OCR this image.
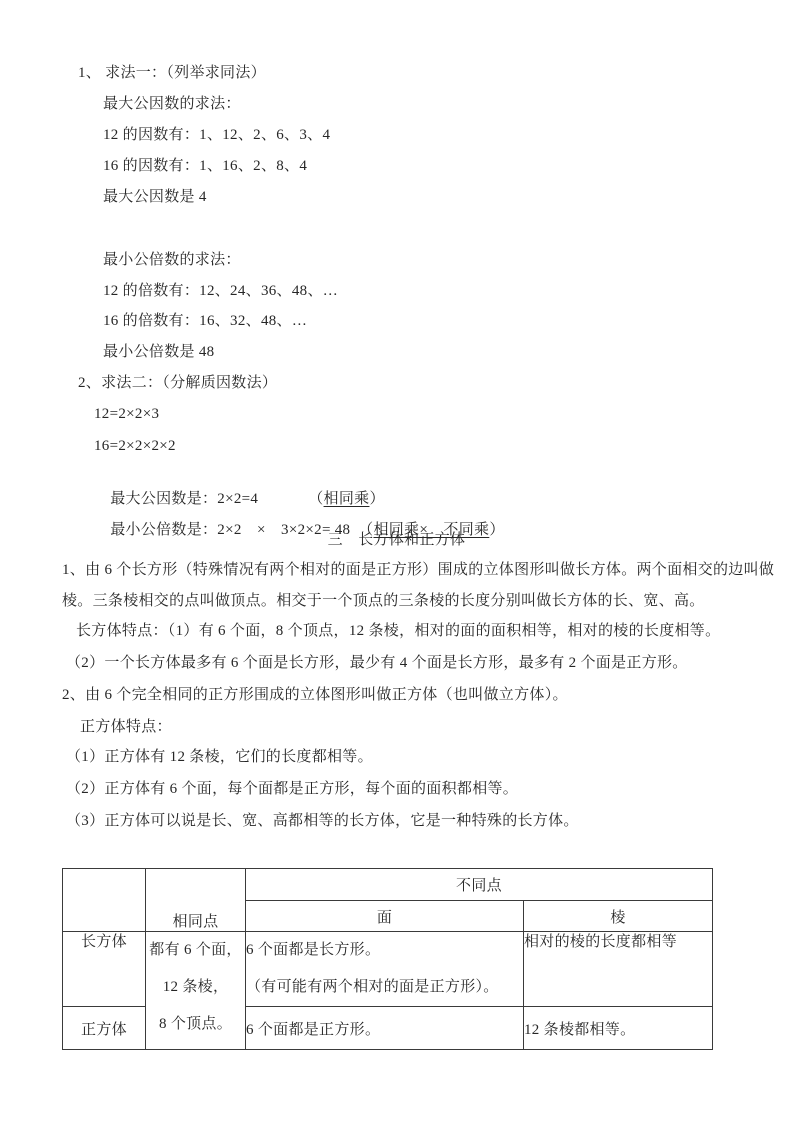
1、 求法一：（列举求同法）
最大公因数的求法：
12 的因数有：1、12、2、6、3、4
16 的因数有：1、16、2、8、4
最大公因数是 4
最小公倍数的求法：
12 的倍数有：12、24、36、48、…
16 的倍数有：16、32、48、…
最小公倍数是 48
2、求法二：（分解质因数法）
12=2×2×3
16=2×2×2×2

最大公因数是：2×2=4	（相同乘）

最小公倍数是：2×2　×　3×2×2= 48　（相同乘×　不同乘）

三　长方体和正方体
1、由 6 个长方形（特殊情况有两个相对的面是正方形）围成的立体图形叫做长方体。两个面相交的边叫做
棱。三条棱相交的点叫做顶点。相交于一个顶点的三条棱的长度分别叫做长方体的长、宽、高。
长方体特点：（1）有 6 个面，8 个顶点，12 条棱，相对的面的面积相等，相对的棱的长度相等。
（2）一个长方体最多有 6 个面是长方形，最少有 4 个面是长方形，最多有 2 个面是正方形。
2、由 6 个完全相同的正方形围成的立体图形叫做正方体（也叫做立方体）。
正方体特点：
（1）正方体有 12 条棱，它们的长度都相等。
（2）正方体有 6 个面，每个面都是正方形，每个面的面积都相等。
（3）正方体可以说是长、宽、高都相等的长方体，它是一种特殊的长方体。
	相同点	不同点	
		面	棱
长方体	都有 6 个面，
12 条棱，
8 个顶点。	6 个面都是长方形。
（有可能有两个相对的面是正方形）。	相对的棱的长度都相等
正方体		6 个面都是正方形。	12 条棱都相等。
